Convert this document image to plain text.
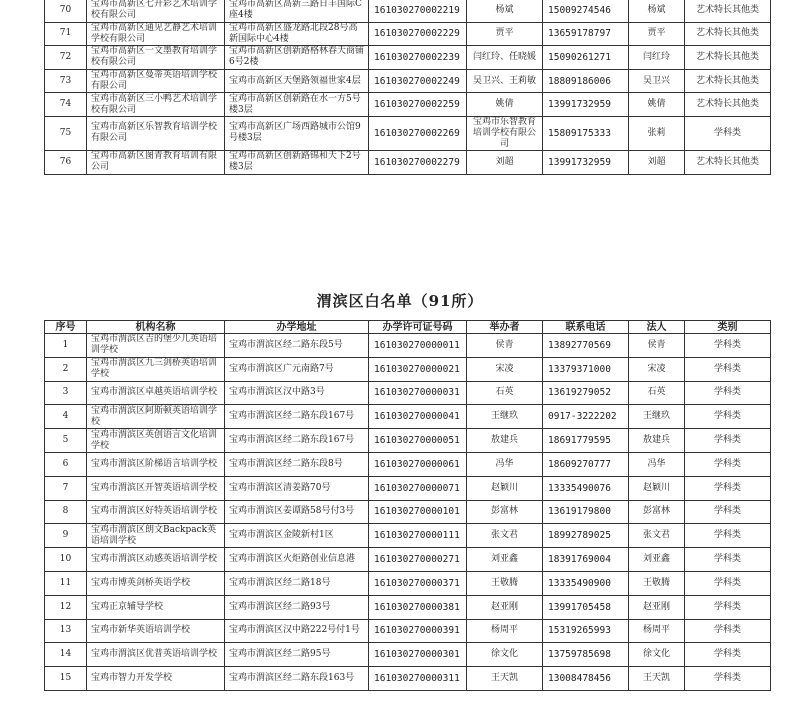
70	宝鸡市高新区七升彩艺术培训学校有限公司	宝鸡市高新区高新三路日丰国际C座4楼	161030270002219	杨斌	15009274546	杨斌	艺术特长其他类
71	宝鸡市高新区通见艺静艺术培训学校有限公司	宝鸡市高新区盛龙路北段28号高新国际中心4楼	161030270002229	贾平	13659178797	贾平	艺术特长其他类
72	宝鸡市高新区一文墨教育培训学校有限公司	宝鸡市高新区创新路格林春天商铺6号2楼	161030270002239	闫红玲、任晓媛	15090261271	闫红玲	艺术特长其他类
73	宝鸡市高新区曼蒂英语培训学校有限公司	宝鸡市高新区天堡路领福世家4层	161030270002249	吴卫兴、王莉敏	18809186006	吴卫兴	艺术特长其他类
74	宝鸡市高新区三小鸭艺术培训学校有限公司	宝鸡市高新区创新路在水一方5号楼3层	161030270002259	姚倩	13991732959	姚倩	艺术特长其他类
75	宝鸡市高新区乐智教育培训学校有限公司	宝鸡市高新区广场西路城市公馆9号楼3层	161030270002269	宝鸡市乐智教育培训学校有限公司	15809175333	张莉	学科类
76	宝鸡市高新区图青教育培训有限公司	宝鸡市高新区创新路锦和天下2号楼3层	161030270002279	刘超	13991732959	刘超	艺术特长其他类
渭滨区白名单（91所）
序号	机构名称	办学地址	办学许可证号码	举办者	联系电话	法人	类别
1	宝鸡市渭滨区吉的堡少儿英语培训学校	宝鸡市渭滨区经二路东段5号	161030270000011	侯青	13892770569	侯青	学科类
2	宝鸡市渭滨区九三剑桥英语培训学校	宝鸡市渭滨区广元南路7号	161030270000021	宋凌	13379371000	宋凌	学科类
3	宝鸡市渭滨区卓越英语培训学校	宝鸡市渭滨区汉中路3号	161030270000031	石英	13619279052	石英	学科类
4	宝鸡市渭滨区阿斯顿英语培训学校	宝鸡市渭滨区经二路东段167号	161030270000041	王继玖	0917-3222202	王继玖	学科类
5	宝鸡市渭滨区英创语言文化培训学校	宝鸡市渭滨区经二路东段167号	161030270000051	敖建兵	18691779595	敖建兵	学科类
6	宝鸡市渭滨区阶梯语言培训学校	宝鸡市渭滨区经二路东段8号	161030270000061	冯华	18609270777	冯华	学科类
7	宝鸡市渭滨区开智英语培训学校	宝鸡市渭滨区清姜路70号	161030270000071	赵颖川	13335490076	赵颖川	学科类
8	宝鸡市渭滨区好特英语培训学校	宝鸡市渭滨区姜谭路58号付3号	161030270000101	彭富林	13619179800	彭富林	学科类
9	宝鸡市渭滨区朗文Backpack英语培训学校	宝鸡市渭滨区金陵新村1区	161030270000111	张文君	18992789025	张文君	学科类
10	宝鸡市渭滨区动感英语培训学校	宝鸡市渭滨区火炬路创业信息港	161030270000271	刘亚鑫	18391769004	刘亚鑫	学科类
11	宝鸡市博英剑桥英语学校	宝鸡市渭滨区经二路18号	161030270000371	王敬腾	13335490900	王敬腾	学科类
12	宝鸡正京辅导学校	宝鸡市渭滨区经二路93号	161030270000381	赵亚刚	13991705458	赵亚刚	学科类
13	宝鸡市新华英语培训学校	宝鸡市渭滨区汉中路222号付1号	161030270000391	杨周平	15319265993	杨周平	学科类
14	宝鸡市渭滨区优普英语培训学校	宝鸡市渭滨区经二路95号	161030270000301	徐文化	13759785698	徐文化	学科类
15	宝鸡市智力开发学校	宝鸡市渭滨区经二路东段163号	161030270000311	王天凯	13008478456	王天凯	学科类
